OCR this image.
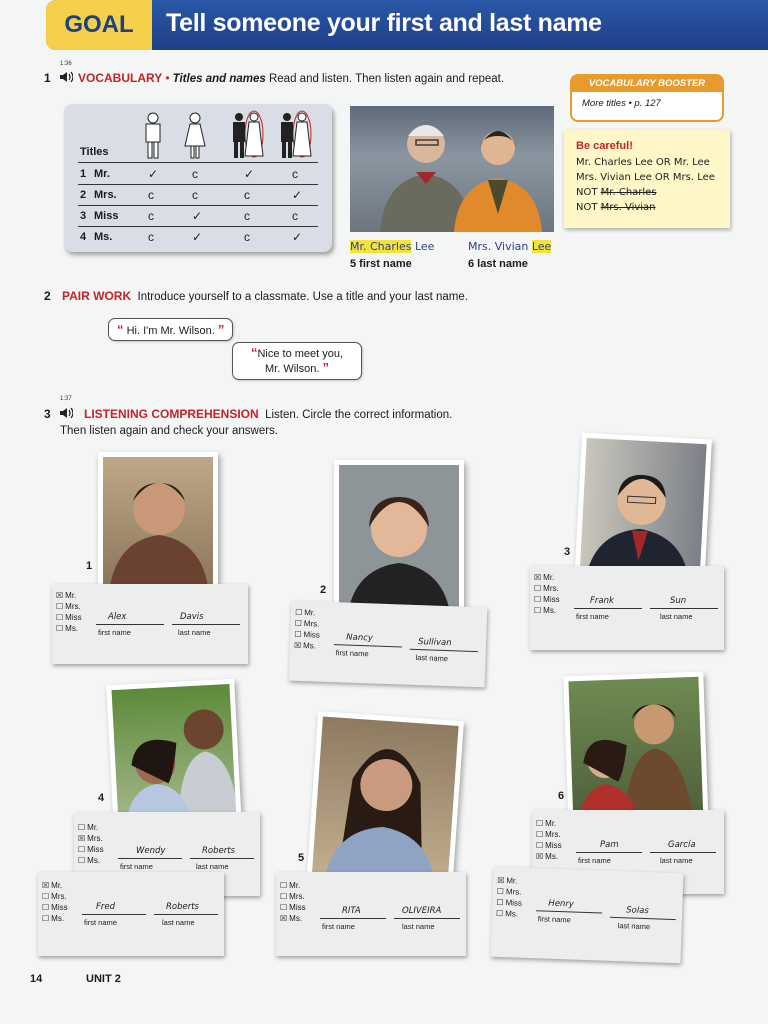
GOAL	Tell someone your first and last name
1:36
1 VOCABULARY • Titles and names Read and listen. Then listen again and repeat.
Titles
1 Mr.	✓	ᴄ	✓	ᴄ
2 Mrs.	ᴄ	ᴄ	ᴄ	✓
3 Miss ᴄ	✓	ᴄ	ᴄ
4 Ms.	ᴄ	✓	ᴄ	✓
Mr. Charles Lee	Mrs. Vivian Lee
5 first name	6 last name
VOCABULARY BOOSTER
More titles • p. 127
Be careful!
Mr. Charles Lee OR Mr. Lee
Mrs. Vivian Lee OR Mrs. Lee
NOT Mr. Charles
NOT Mrs. Vivian
2 PAIR WORK Introduce yourself to a classmate. Use a title and your last name.
“ Hi. I'm Mr. Wilson. ”
“Nice to meet you,
Mr. Wilson. ”
1:37
3	LISTENING COMPREHENSION Listen. Circle the correct information.
Then listen again and check your answers.
1
☒ Mr.
☐ Mrs.
☐ Miss
☐ Ms.
Alex	Davis
first name	last name
2
☐ Mr.
☐ Mrs.
☐ Miss
☒ Ms.
Nancy	Sullivan
first name	last name
3
☒ Mr.
☐ Mrs.
☐ Miss
☐ Ms.
Frank	Sun
first name	last name
4
☐ Mr.
☒ Mrs.
☐ Miss
☐ Ms.
Wendy	Roberts
first name	last name
☒ Mr.
☐ Mrs.
☐ Miss
☐ Ms.
Fred	Roberts
first name	last name
5
☐ Mr.
☐ Mrs.
☐ Miss
☒ Ms.
RITA	OLIVEIRA
first name	last name
6
☐ Mr.
☐ Mrs.
☐ Miss
☒ Ms.
Pam	García
first name	last name
☒ Mr.
☐ Mrs.
☐ Miss
☐ Ms.
Henry
Solas
first name
last name
14	UNIT 2
